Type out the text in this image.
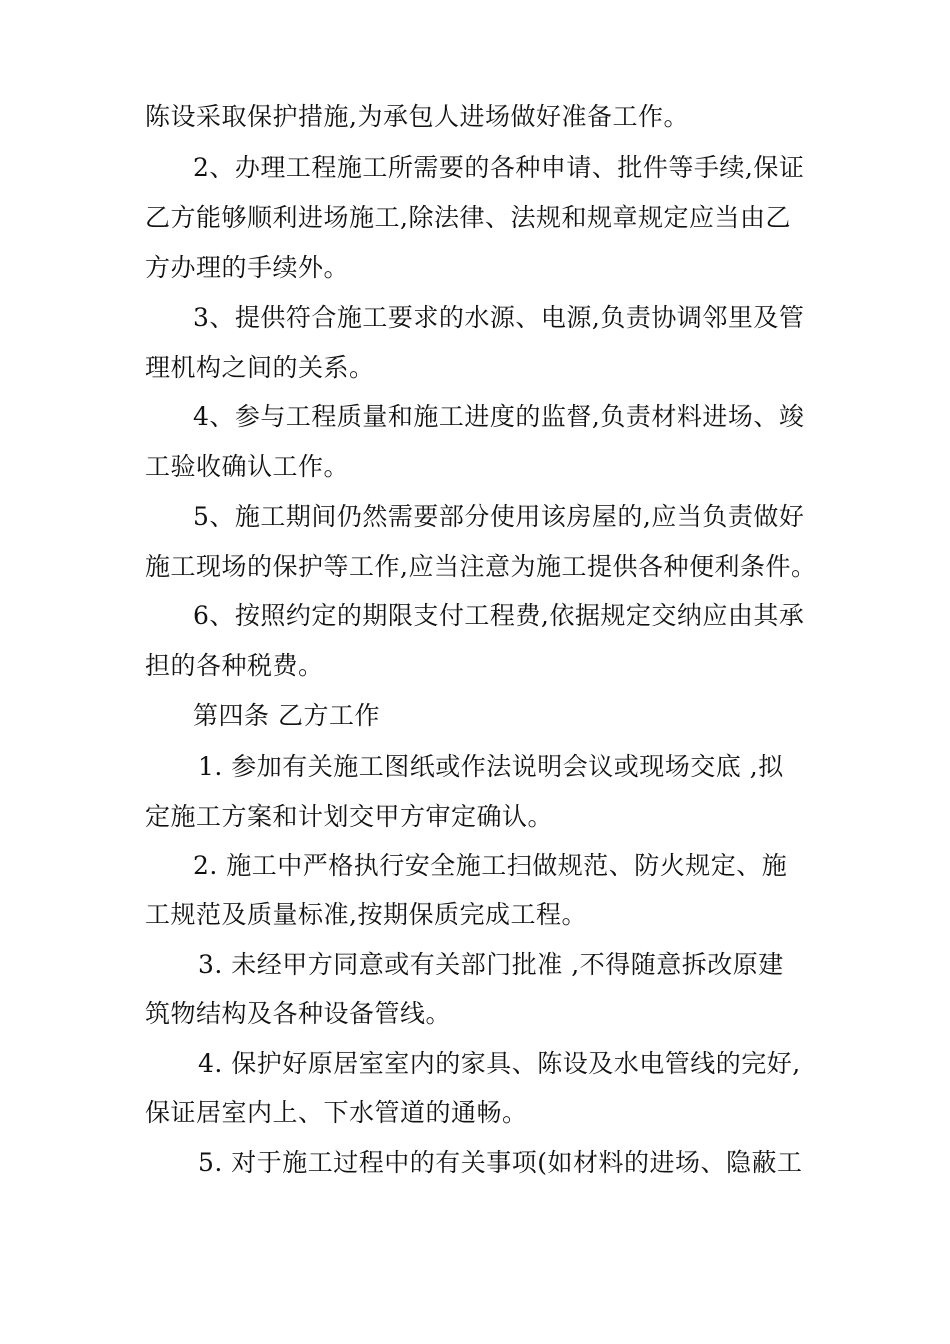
陈设采取保护措施,为承包人进场做好准备工作。

2、办理工程施工所需要的各种申请、批件等手续,保证

乙方能够顺利进场施工,除法律、法规和规章规定应当由乙

方办理的手续外。

3、提供符合施工要求的水源、电源,负责协调邻里及管

理机构之间的关系。

4、参与工程质量和施工进度的监督,负责材料进场、竣

工验收确认工作。

5、施工期间仍然需要部分使用该房屋的,应当负责做好

施工现场的保护等工作,应当注意为施工提供各种便利条件。

6、按照约定的期限支付工程费,依据规定交纳应由其承

担的各种税费。

第四条 乙方工作

1. 参加有关施工图纸或作法说明会议或现场交底 ,拟

定施工方案和计划交甲方审定确认。

2. 施工中严格执行安全施工扫做规范、防火规定、施

工规范及质量标准,按期保质完成工程。

3. 未经甲方同意或有关部门批准 ,不得随意拆改原建

筑物结构及各种设备管线。

4. 保护好原居室室内的家具、陈设及水电管线的完好,

保证居室内上、下水管道的通畅。

5. 对于施工过程中的有关事项(如材料的进场、隐蔽工
